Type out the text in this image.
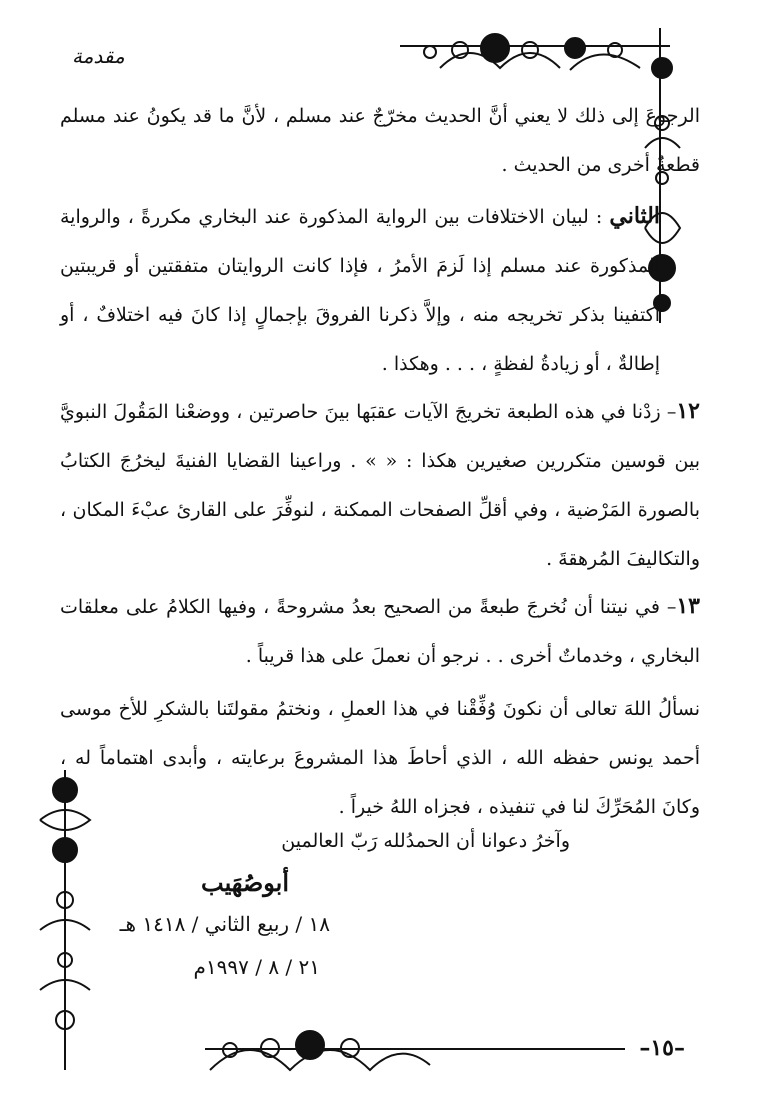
مقدمة

الرجوعَ إلى ذلك لا يعني أنَّ الحديث مخرّجٌ عند مسلم ، لأنَّ ما قد يكونُ عند مسلم قطعةٌ أخرى من الحديث .

الثاني : لبيان الاختلافات بين الرواية المذكورة عند البخاري مكررةً ، والرواية المذكورة عند مسلم إذا لَزمَ الأمرُ ، فإذا كانت الروايتان متفقتين أو قريبتين اكتفينا بذكر تخريجه منه ، وإلاَّ ذكرنا الفروقَ بإجمالٍ إذا كانَ فيه اختلافٌ ، أو إطالةٌ ، أو زيادةُ لفظةٍ ، . . . وهكذا .

١٢– زدْنا في هذه الطبعة تخريجَ الآيات عقبَها بينَ حاصرتين ، ووضعْنا المَقُولَ النبويَّ بين قوسين متكررين صغيرين هكذا : « » . وراعينا القضايا الفنيةَ ليخرُجَ الكتابُ بالصورة المَرْضية ، وفي أقلِّ الصفحات الممكنة ، لنوفِّرَ على القارئ عبْءَ المكان ، والتكاليفَ المُرهقةَ .

١٣– في نيتنا أن نُخرجَ طبعةً من الصحيح بعدُ مشروحةً ، وفيها الكلامُ على معلقات البخاري ، وخدماتٌ أخرى . . نرجو أن نعملَ على هذا قريباً .

نسألُ اللهَ تعالى أن نكونَ وُفِّقْنا في هذا العملِ ، ونختمُ مقولتَنا بالشكرِ للأخ موسى أحمد يونس حفظه الله ، الذي أحاطَ هذا المشروعَ برعايته ، وأبدى اهتماماً له ، وكانَ المُحَرِّكَ لنا في تنفيذه ، فجزاه اللهُ خيراً .

وآخرُ دعوانا أن الحمدُلله رَبّ العالمين
أبوصُهَيب
١٨ / ربيع الثاني / ١٤١٨ هـ
٢١ / ٨ / ١٩٩٧م
–١٥–
